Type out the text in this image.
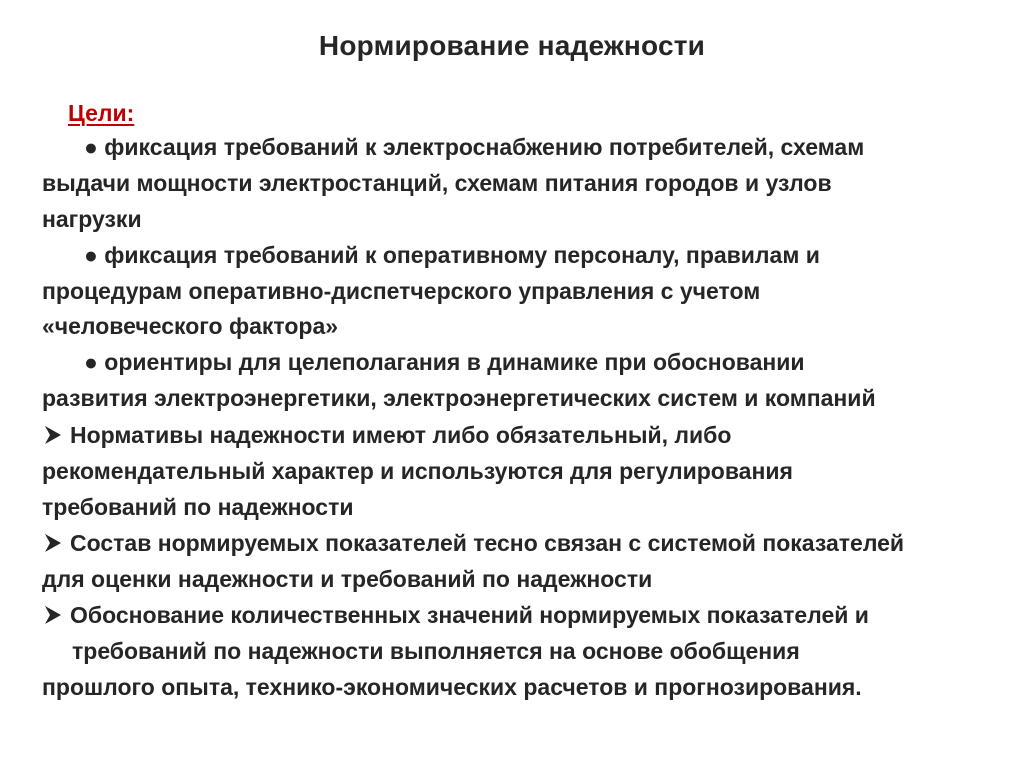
Нормирование надежности
Цели:
● фиксация требований к электроснабжению потребителей, схемам
выдачи мощности электростанций, схемам питания городов и узлов
нагрузки
● фиксация требований к оперативному персоналу, правилам и
процедурам оперативно-диспетчерского управления с учетом
«человеческого фактора»
● ориентиры для целеполагания в динамике при обосновании
развития электроэнергетики, электроэнергетических систем и компаний
Нормативы надежности имеют либо обязательный, либо
рекомендательный характер и используются для регулирования
требований по надежности
Состав нормируемых показателей тесно связан с системой показателей
для оценки надежности и требований по надежности
Обоснование количественных значений нормируемых показателей и
требований по надежности выполняется на основе обобщения
прошлого опыта, технико-экономических расчетов и прогнозирования.
